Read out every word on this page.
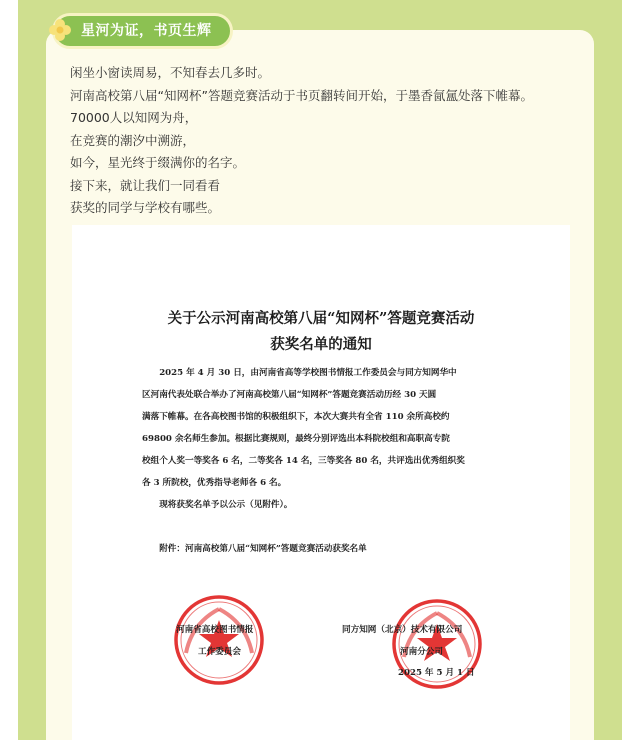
星河为证，书页生辉

闲坐小窗读周易，不知春去几多时。

河南高校第八届“知网杯”答题竞赛活动于书页翻转间开始，于墨香氤氲处落下帷幕。

70000人以知网为舟，

在竞赛的潮汐中溯游，

如今，星光终于缀满你的名字。

接下来，就让我们一同看看

获奖的同学与学校有哪些。

关于公示河南高校第八届“知网杯”答题竞赛活动
获奖名单的通知

2025 年 4 月 30 日，由河南省高等学校图书情报工作委员会与同方知网华中

区河南代表处联合举办了河南高校第八届“知网杯”答题竞赛活动历经 30 天圆

满落下帷幕。在各高校图书馆的积极组织下，本次大赛共有全省 110 余所高校约

69800 余名师生参加。根据比赛规则，最终分别评选出本科院校组和高职高专院

校组个人奖一等奖各 6 名，二等奖各 14 名，三等奖各 80 名，共评选出优秀组织奖

各 3 所院校，优秀指导老师各 6 名。

现将获奖名单予以公示（见附件）。

附件：河南高校第八届“知网杯”答题竞赛活动获奖名单

河南省高校图书情报
工作委员会
同方知网（北京）技术有限公司
河南分公司
2025 年 5 月 1 日
